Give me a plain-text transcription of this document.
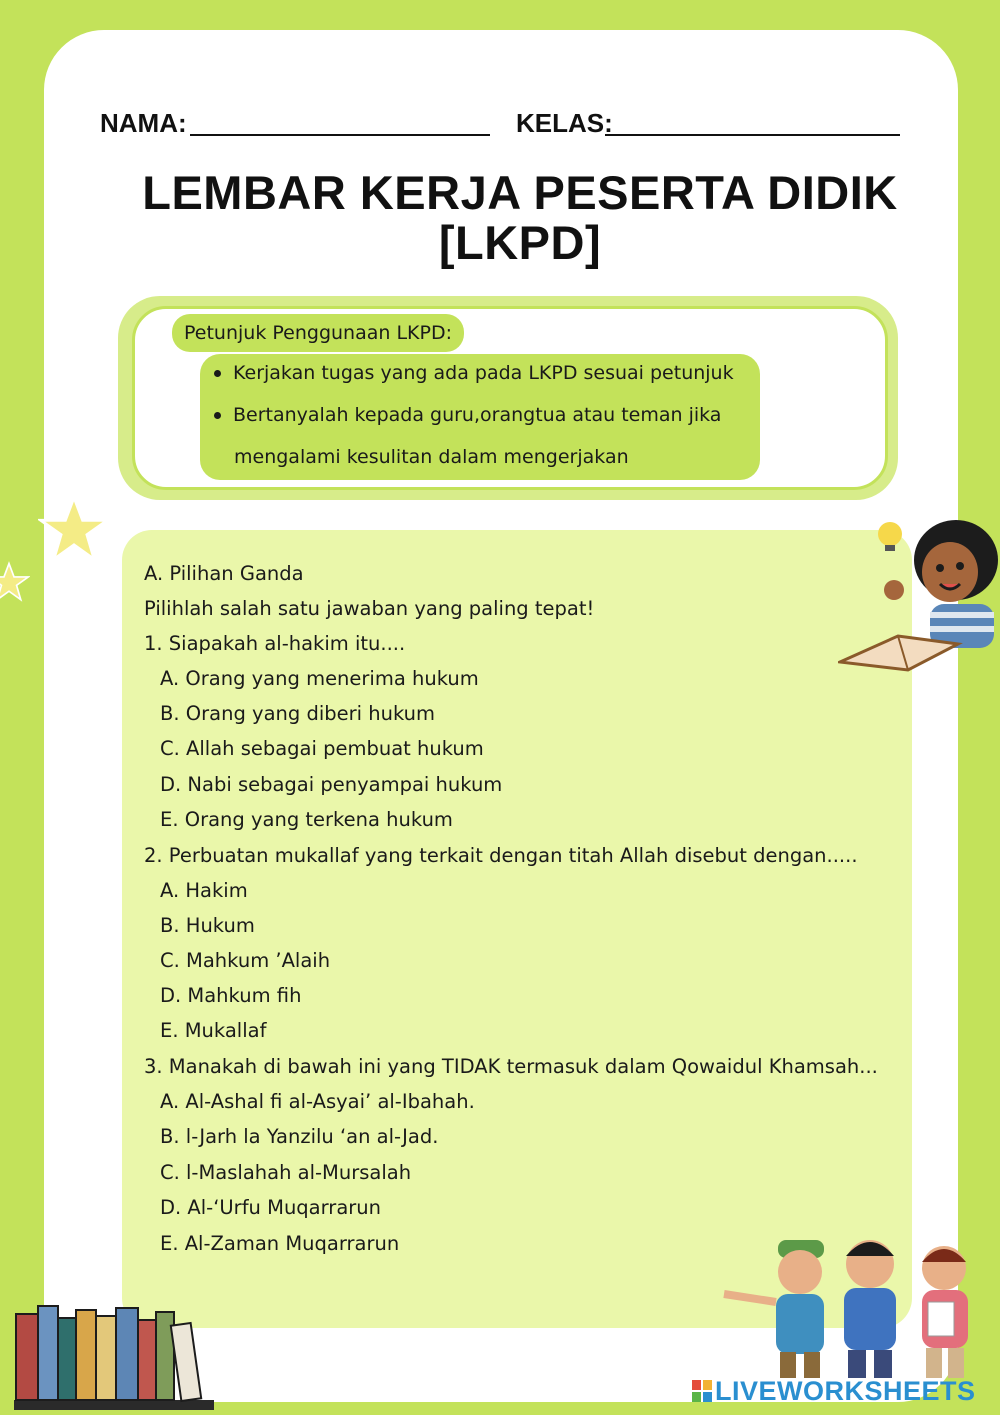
NAMA:	KELAS:
LEMBAR KERJA PESERTA DIDIK
[LKPD]
Petunjuk Penggunaan LKPD:
Kerjakan tugas yang ada pada LKPD sesuai petunjuk
Bertanyalah kepada guru,orangtua atau teman jika
mengalami kesulitan dalam mengerjakan
A. Pilihan Ganda
Pilihlah salah satu jawaban yang paling tepat!
1. Siapakah al-hakim itu....
A. Orang yang menerima hukum
B. Orang yang diberi hukum
C. Allah sebagai pembuat hukum
D. Nabi sebagai penyampai hukum
E. Orang yang terkena hukum
2. Perbuatan mukallaf yang terkait dengan titah Allah disebut dengan.....
A. Hakim
B. Hukum
C. Mahkum ’Alaih
D. Mahkum fih
E. Mukallaf
3. Manakah di bawah ini yang TIDAK termasuk dalam Qowaidul Khamsah...
A. Al-Ashal fi al-Asyai’ al-Ibahah.
B. l-Jarh la Yanzilu ‘an al-Jad.
C. l-Maslahah al-Mursalah
D. Al-‘Urfu Muqarrarun
E. Al-Zaman Muqarrarun
LIVEWORKSHEETS
